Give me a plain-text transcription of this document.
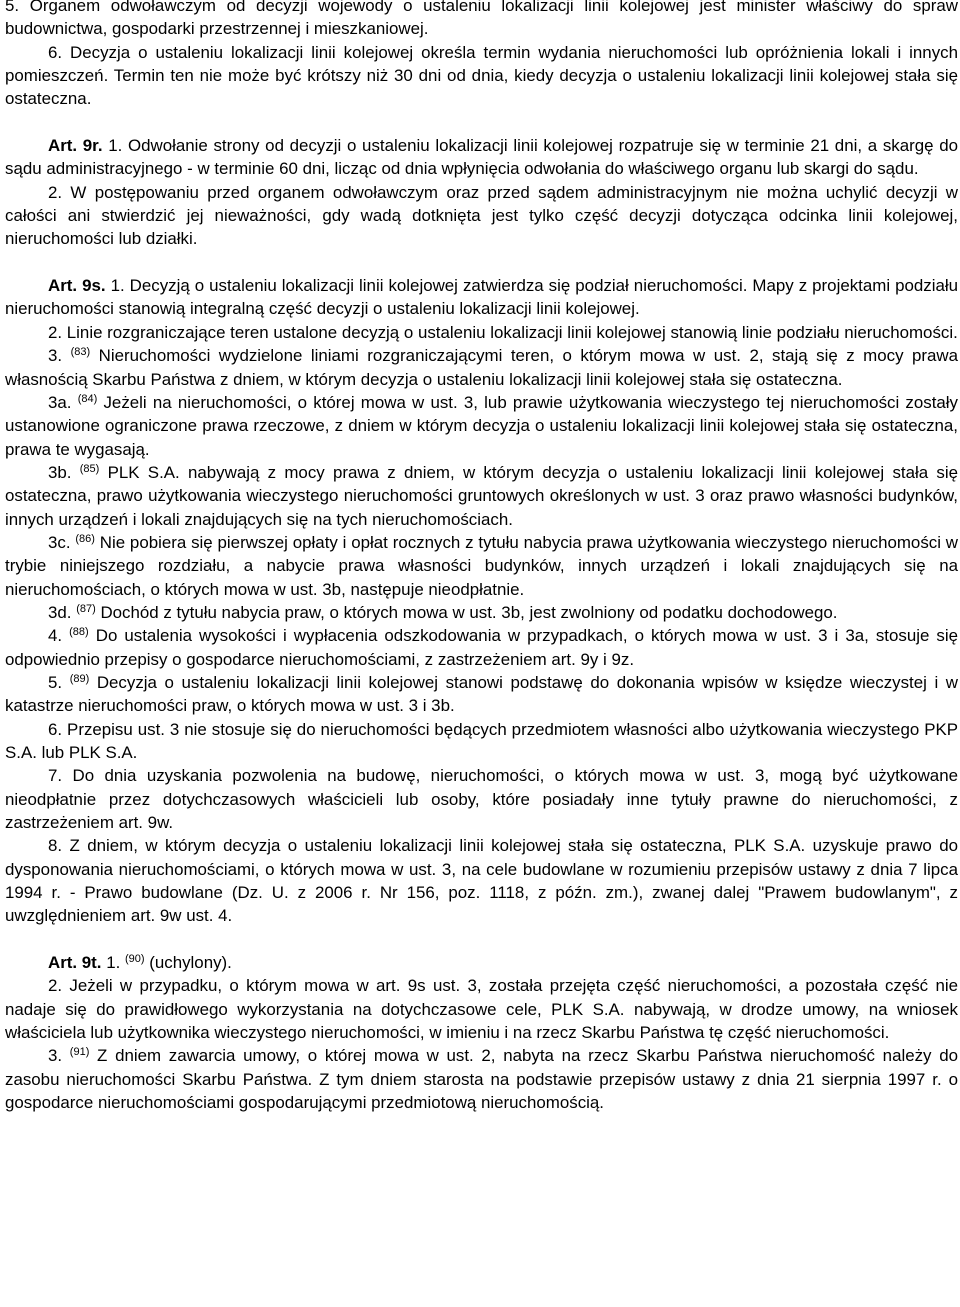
5. Organem odwoławczym od decyzji wojewody o ustaleniu lokalizacji linii kolejowej jest minister właściwy do spraw budownictwa, gospodarki przestrzennej i mieszkaniowej.

6. Decyzja o ustaleniu lokalizacji linii kolejowej określa termin wydania nieruchomości lub opróżnienia lokali i innych pomieszczeń. Termin ten nie może być krótszy niż 30 dni od dnia, kiedy decyzja o ustaleniu lokalizacji linii kolejowej stała się ostateczna.

Art. 9r. 1. Odwołanie strony od decyzji o ustaleniu lokalizacji linii kolejowej rozpatruje się w terminie 21 dni, a skargę do sądu administracyjnego - w terminie 60 dni, licząc od dnia wpłynięcia odwołania do właściwego organu lub skargi do sądu.

2. W postępowaniu przed organem odwoławczym oraz przed sądem administracyjnym nie można uchylić decyzji w całości ani stwierdzić jej nieważności, gdy wadą dotknięta jest tylko część decyzji dotycząca odcinka linii kolejowej, nieruchomości lub działki.

Art. 9s. 1. Decyzją o ustaleniu lokalizacji linii kolejowej zatwierdza się podział nieruchomości. Mapy z projektami podziału nieruchomości stanowią integralną część decyzji o ustaleniu lokalizacji linii kolejowej.

2. Linie rozgraniczające teren ustalone decyzją o ustaleniu lokalizacji linii kolejowej stanowią linie podziału nieruchomości.

3. $^{(83)}$ Nieruchomości wydzielone liniami rozgraniczającymi teren, o którym mowa w ust. 2, stają się z mocy prawa własnością Skarbu Państwa z dniem, w którym decyzja o ustaleniu lokalizacji linii kolejowej stała się ostateczna.

3a. $^{(84)}$ Jeżeli na nieruchomości, o której mowa w ust. 3, lub prawie użytkowania wieczystego tej nieruchomości zostały ustanowione ograniczone prawa rzeczowe, z dniem w którym decyzja o ustaleniu lokalizacji linii kolejowej stała się ostateczna, prawa te wygasają.

3b. $^{(85)}$ PLK S.A. nabywają z mocy prawa z dniem, w którym decyzja o ustaleniu lokalizacji linii kolejowej stała się ostateczna, prawo użytkowania wieczystego nieruchomości gruntowych określonych w ust. 3 oraz prawo własności budynków, innych urządzeń i lokali znajdujących się na tych nieruchomościach.

3c. $^{(86)}$ Nie pobiera się pierwszej opłaty i opłat rocznych z tytułu nabycia prawa użytkowania wieczystego nieruchomości w trybie niniejszego rozdziału, a nabycie prawa własności budynków, innych urządzeń i lokali znajdujących się na nieruchomościach, o których mowa w ust. 3b, następuje nieodpłatnie.

3d. $^{(87)}$ Dochód z tytułu nabycia praw, o których mowa w ust. 3b, jest zwolniony od podatku dochodowego.

4. $^{(88)}$ Do ustalenia wysokości i wypłacenia odszkodowania w przypadkach, o których mowa w ust. 3 i 3a, stosuje się odpowiednio przepisy o gospodarce nieruchomościami, z zastrzeżeniem art. 9y i 9z.

5. $^{(89)}$ Decyzja o ustaleniu lokalizacji linii kolejowej stanowi podstawę do dokonania wpisów w księdze wieczystej i w katastrze nieruchomości praw, o których mowa w ust. 3 i 3b.

6. Przepisu ust. 3 nie stosuje się do nieruchomości będących przedmiotem własności albo użytkowania wieczystego PKP S.A. lub PLK S.A.

7. Do dnia uzyskania pozwolenia na budowę, nieruchomości, o których mowa w ust. 3, mogą być użytkowane nieodpłatnie przez dotychczasowych właścicieli lub osoby, które posiadały inne tytuły prawne do nieruchomości, z zastrzeżeniem art. 9w.

8. Z dniem, w którym decyzja o ustaleniu lokalizacji linii kolejowej stała się ostateczna, PLK S.A. uzyskuje prawo do dysponowania nieruchomościami, o których mowa w ust. 3, na cele budowlane w rozumieniu przepisów ustawy z dnia 7 lipca 1994 r. - Prawo budowlane (Dz. U. z 2006 r. Nr 156, poz. 1118, z późn. zm.), zwanej dalej "Prawem budowlanym", z uwzględnieniem art. 9w ust. 4.

Art. 9t. 1. $^{(90)}$ (uchylony).

2. Jeżeli w przypadku, o którym mowa w art. 9s ust. 3, została przejęta część nieruchomości, a pozostała część nie nadaje się do prawidłowego wykorzystania na dotychczasowe cele, PLK S.A. nabywają, w drodze umowy, na wniosek właściciela lub użytkownika wieczystego nieruchomości, w imieniu i na rzecz Skarbu Państwa tę część nieruchomości.

3. $^{(91)}$ Z dniem zawarcia umowy, o której mowa w ust. 2, nabyta na rzecz Skarbu Państwa nieruchomość należy do zasobu nieruchomości Skarbu Państwa. Z tym dniem starosta na podstawie przepisów ustawy z dnia 21 sierpnia 1997 r. o gospodarce nieruchomościami gospodarującymi przedmiotową nieruchomością.
